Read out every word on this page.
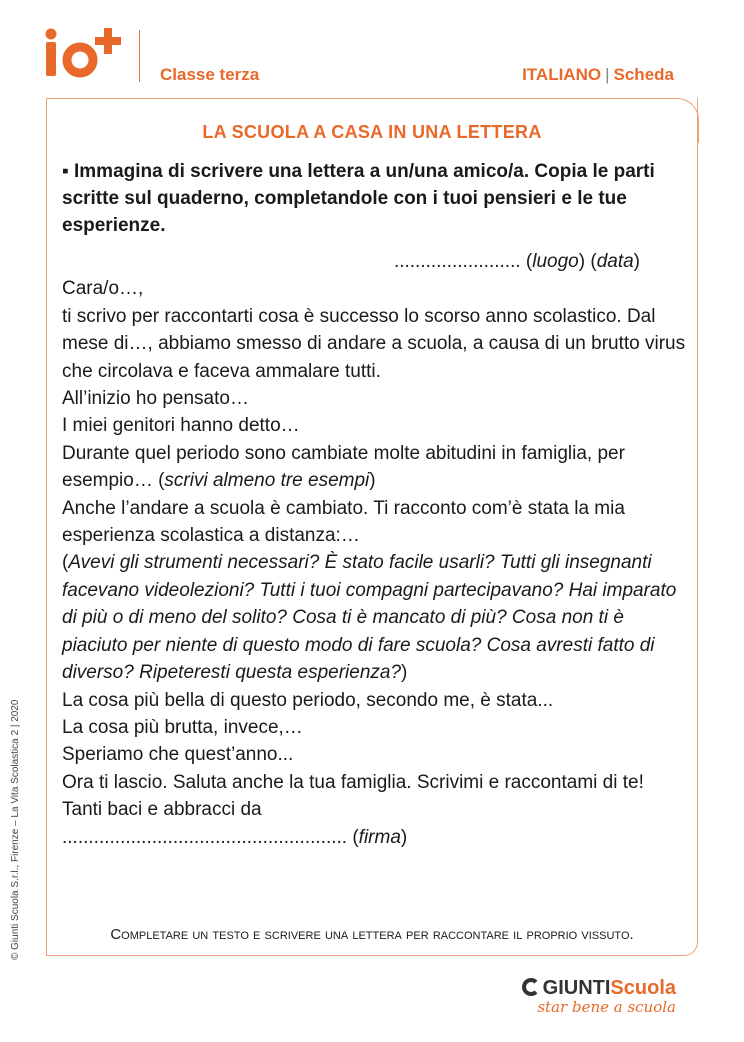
Classe terza	ITALIANO | Scheda
LA SCUOLA A CASA IN UNA LETTERA
▪ Immagina di scrivere una lettera a un/una amico/a. Copia le parti scritte sul quaderno, completandole con i tuoi pensieri e le tue esperienze.

........................ (luogo) (data)

Cara/o…,

ti scrivo per raccontarti cosa è successo lo scorso anno scolastico. Dal mese di…, abbiamo smesso di andare a scuola, a causa di un brutto virus che circolava e faceva ammalare tutti.

All’inizio ho pensato…

I miei genitori hanno detto…

Durante quel periodo sono cambiate molte abitudini in famiglia, per esempio… (scrivi almeno tre esempi)

Anche l’andare a scuola è cambiato. Ti racconto com’è stata la mia esperienza scolastica a distanza:…

(Avevi gli strumenti necessari? È stato facile usarli? Tutti gli insegnanti facevano videolezioni? Tutti i tuoi compagni partecipavano? Hai imparato di più o di meno del solito? Cosa ti è mancato di più? Cosa non ti è piaciuto per niente di questo modo di fare scuola? Cosa avresti fatto di diverso? Ripeteresti questa esperienza?)

La cosa più bella di questo periodo, secondo me, è stata...

La cosa più brutta, invece,…

Speriamo che quest’anno...

Ora ti lascio. Saluta anche la tua famiglia. Scrivimi e raccontami di te!

Tanti baci e abbracci da

...................................................... (firma)

Completare un testo e scrivere una lettera per raccontare il proprio vissuto.
© Giunti Scuola S.r.l., Firenze – La Vita Scolastica 2 | 2020
GIUNTIScuola
star bene a scuola
